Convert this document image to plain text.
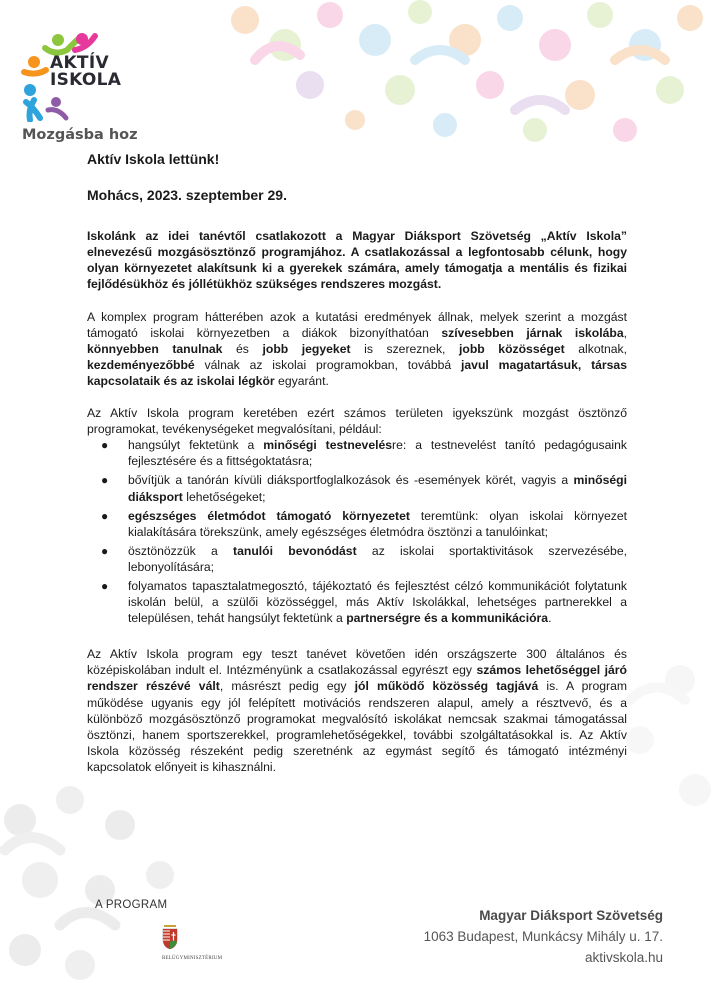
AKTÍV
ISKOLA
Mozgásba hoz
Aktív Iskola lettünk!
Mohács, 2023. szeptember 29.

Iskolánk az idei tanévtől csatlakozott a Magyar Diáksport Szövetség „Aktív Iskola” elnevezésű mozgásösztönző programjához. A csatlakozással a legfontosabb célunk, hogy olyan környezetet alakítsunk ki a gyerekek számára, amely támogatja a mentális és fizikai fejlődésükhöz és jóllétükhöz szükséges rendszeres mozgást.

A komplex program hátterében azok a kutatási eredmények állnak, melyek szerint a mozgást támogató iskolai környezetben a diákok bizonyíthatóan szívesebben járnak iskolába, könnyebben tanulnak és jobb jegyeket is szereznek, jobb közösséget alkotnak, kezdeményezőbbé válnak az iskolai programokban, továbbá javul magatartásuk, társas kapcsolataik és az iskolai légkör egyaránt.

Az Aktív Iskola program keretében ezért számos területen igyekszünk mozgást ösztönző programokat, tevékenységeket megvalósítani, például:

● hangsúlyt fektetünk a minőségi testnevelésre: a testnevelést tanító pedagógusaink fejlesztésére és a fittségoktatásra;
● bővítjük a tanórán kívüli diáksportfoglalkozások és -események körét, vagyis a minőségi diáksport lehetőségeket;
● egészséges életmódot támogató környezetet teremtünk: olyan iskolai környezet kialakítására törekszünk, amely egészséges életmódra ösztönzi a tanulóinkat;
● ösztönözzük a tanulói bevonódást az iskolai sportaktivitások szervezésébe, lebonyolítására;
● folyamatos tapasztalatmegosztó, tájékoztató és fejlesztést célzó kommunikációt folytatunk iskolán belül, a szülői közösséggel, más Aktív Iskolákkal, lehetséges partnerekkel a településen, tehát hangsúlyt fektetünk a partnerségre és a kommunikációra.

Az Aktív Iskola program egy teszt tanévet követően idén országszerte 300 általános és középiskolában indult el. Intézményünk a csatlakozással egyrészt egy számos lehetőséggel járó rendszer részévé vált, másrészt pedig egy jól működő közösség tagjává is. A program működése ugyanis egy jól felépített motivációs rendszeren alapul, amely a résztvevő, és a különböző mozgásösztönző programokat megvalósító iskolákat nemcsak szakmai támogatással ösztönzi, hanem sportszerekkel, programlehetőségekkel, további szolgáltatásokkal is. Az Aktív Iskola közösség részeként pedig szeretnénk az egymást segítő és támogató intézményi kapcsolatok előnyeit is kihasználni.

A PROGRAM
BELÜGYMINISZTÉRIUM
Magyar Diáksport Szövetség
1063 Budapest, Munkácsy Mihály u. 17.
aktivskola.hu
